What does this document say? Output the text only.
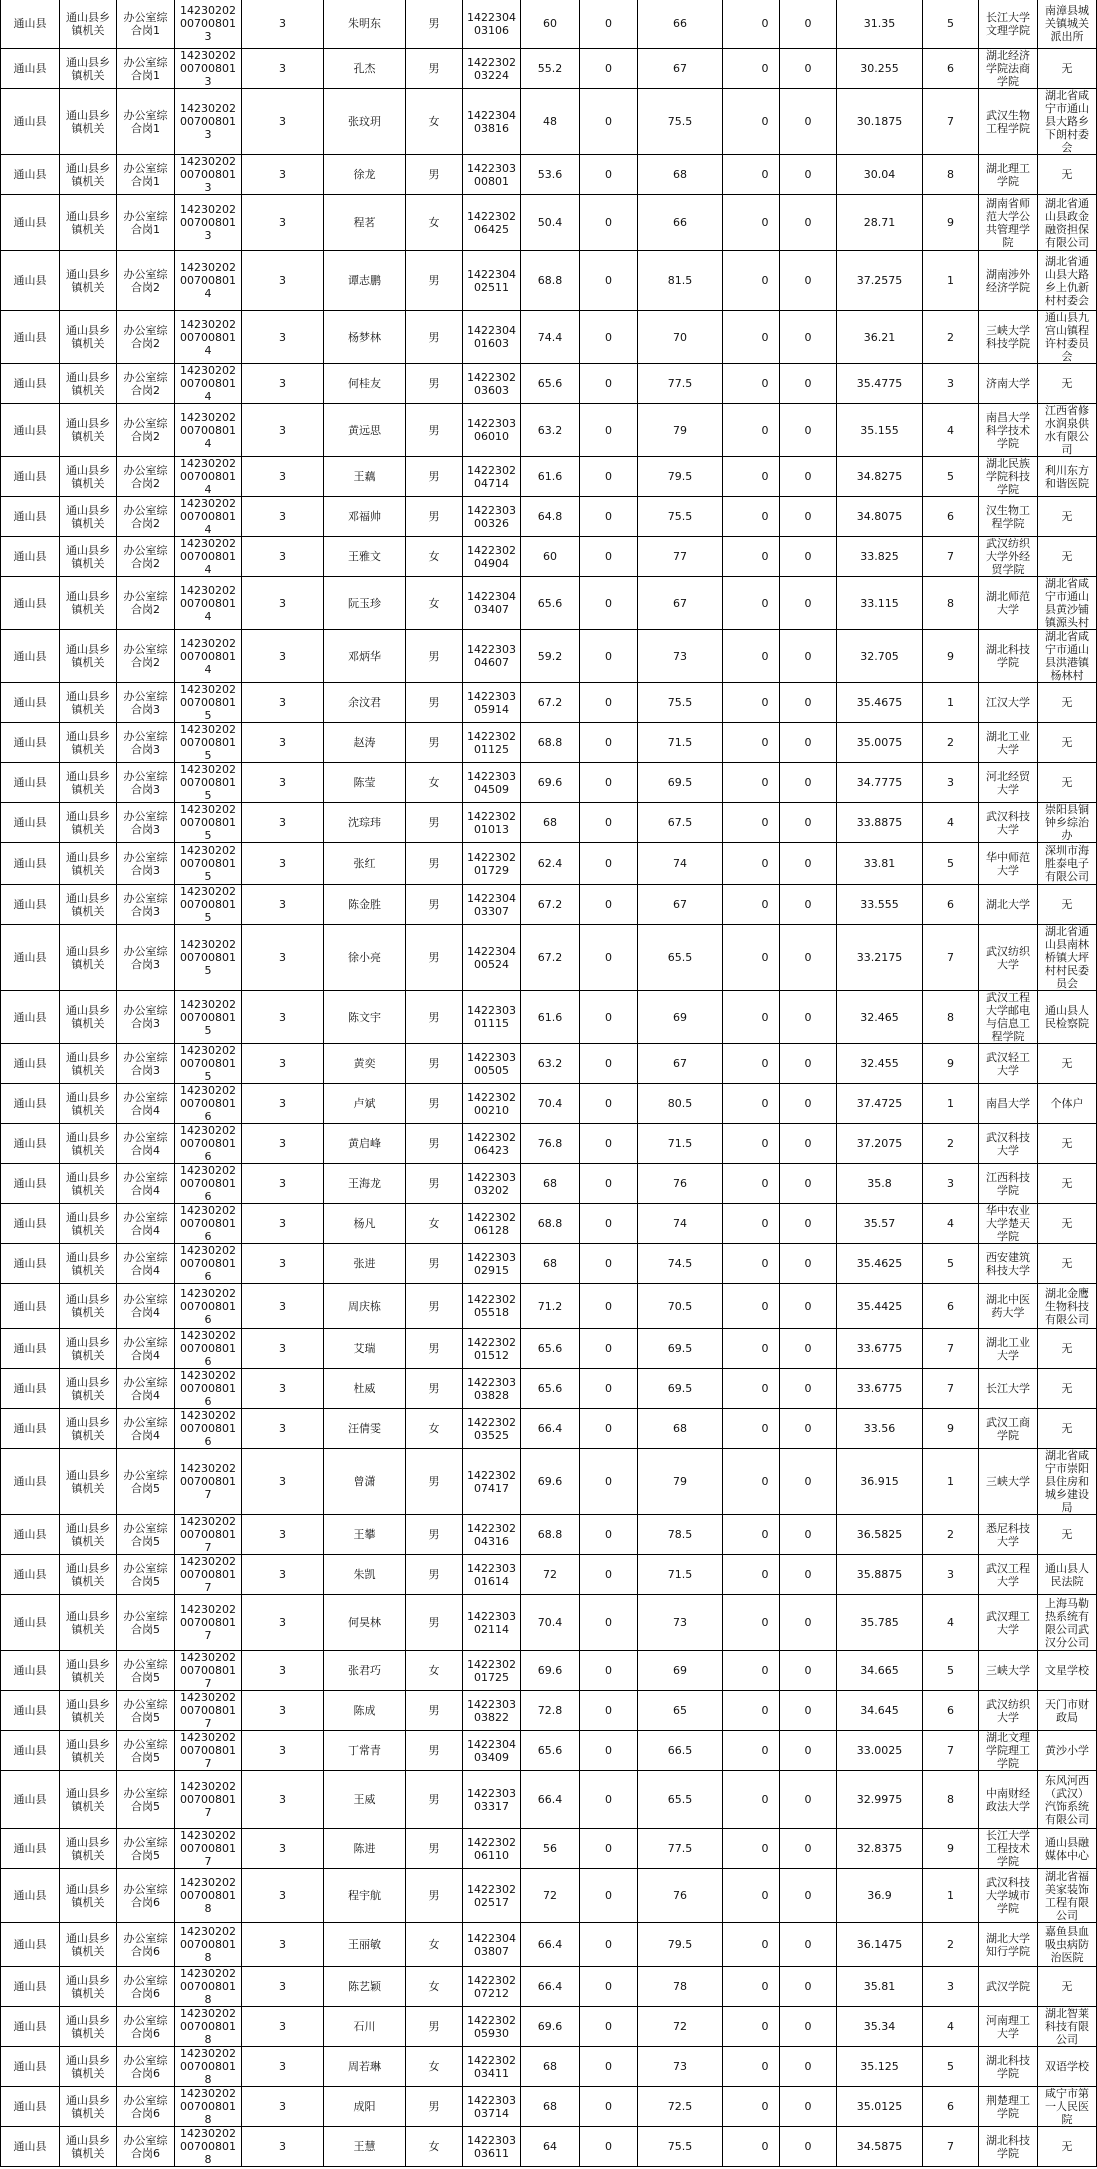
通山县	通山县乡镇机关	办公室综合岗1	14230202007008013	3	朱明东	男	142230403106	60	0	66	0	0	31.35	5	长江大学文理学院	南漳县城关镇城关派出所
通山县	通山县乡镇机关	办公室综合岗1	14230202007008013	3	孔杰	男	142230203224	55.2	0	67	0	0	30.255	6	湖北经济学院法商学院	无
通山县	通山县乡镇机关	办公室综合岗1	14230202007008013	3	张玟玥	女	142230403816	48	0	75.5	0	0	30.1875	7	武汉生物工程学院	湖北省咸宁市通山县大路乡下朗村委会
通山县	通山县乡镇机关	办公室综合岗1	14230202007008013	3	徐龙	男	142230300801	53.6	0	68	0	0	30.04	8	湖北理工学院	无
通山县	通山县乡镇机关	办公室综合岗1	14230202007008013	3	程茗	女	142230206425	50.4	0	66	0	0	28.71	9	湖南省师范大学公共管理学院	湖北省通山县政金融资担保有限公司
通山县	通山县乡镇机关	办公室综合岗2	14230202007008014	3	谭志鹏	男	142230402511	68.8	0	81.5	0	0	37.2575	1	湖南涉外经济学院	湖北省通山县大路乡上仇新村村委会
通山县	通山县乡镇机关	办公室综合岗2	14230202007008014	3	杨梦林	男	142230401603	74.4	0	70	0	0	36.21	2	三峡大学科技学院	通山县九宫山镇程许村委员会
通山县	通山县乡镇机关	办公室综合岗2	14230202007008014	3	何桂友	男	142230203603	65.6	0	77.5	0	0	35.4775	3	济南大学	无
通山县	通山县乡镇机关	办公室综合岗2	14230202007008014	3	黄远思	男	142230306010	63.2	0	79	0	0	35.155	4	南昌大学科学技术学院	江西省修水润泉供水有限公司
通山县	通山县乡镇机关	办公室综合岗2	14230202007008014	3	王藕	男	142230204714	61.6	0	79.5	0	0	34.8275	5	湖北民族学院科技学院	利川东方和谐医院
通山县	通山县乡镇机关	办公室综合岗2	14230202007008014	3	邓福帅	男	142230300326	64.8	0	75.5	0	0	34.8075	6	汉生物工程学院	无
通山县	通山县乡镇机关	办公室综合岗2	14230202007008014	3	王雅文	女	142230204904	60	0	77	0	0	33.825	7	武汉纺织大学外经贸学院	无
通山县	通山县乡镇机关	办公室综合岗2	14230202007008014	3	阮玉珍	女	142230403407	65.6	0	67	0	0	33.115	8	湖北师范大学	湖北省咸宁市通山县黄沙铺镇源头村
通山县	通山县乡镇机关	办公室综合岗2	14230202007008014	3	邓炳华	男	142230304607	59.2	0	73	0	0	32.705	9	湖北科技学院	湖北省咸宁市通山县洪港镇杨林村
通山县	通山县乡镇机关	办公室综合岗3	14230202007008015	3	余汶君	男	142230305914	67.2	0	75.5	0	0	35.4675	1	江汉大学	无
通山县	通山县乡镇机关	办公室综合岗3	14230202007008015	3	赵涛	男	142230201125	68.8	0	71.5	0	0	35.0075	2	湖北工业大学	无
通山县	通山县乡镇机关	办公室综合岗3	14230202007008015	3	陈莹	女	142230304509	69.6	0	69.5	0	0	34.7775	3	河北经贸大学	无
通山县	通山县乡镇机关	办公室综合岗3	14230202007008015	3	沈琮玮	男	142230201013	68	0	67.5	0	0	33.8875	4	武汉科技大学	崇阳县铜钟乡综治办
通山县	通山县乡镇机关	办公室综合岗3	14230202007008015	3	张红	男	142230201729	62.4	0	74	0	0	33.81	5	华中师范大学	深圳市海胜泰电子有限公司
通山县	通山县乡镇机关	办公室综合岗3	14230202007008015	3	陈金胜	男	142230403307	67.2	0	67	0	0	33.555	6	湖北大学	无
通山县	通山县乡镇机关	办公室综合岗3	14230202007008015	3	徐小亮	男	142230400524	67.2	0	65.5	0	0	33.2175	7	武汉纺织大学	湖北省通山县南林桥镇大坪村村民委员会
通山县	通山县乡镇机关	办公室综合岗3	14230202007008015	3	陈文宇	男	142230301115	61.6	0	69	0	0	32.465	8	武汉工程大学邮电与信息工程学院	通山县人民检察院
通山县	通山县乡镇机关	办公室综合岗3	14230202007008015	3	黄奕	男	142230300505	63.2	0	67	0	0	32.455	9	武汉轻工大学	无
通山县	通山县乡镇机关	办公室综合岗4	14230202007008016	3	卢斌	男	142230200210	70.4	0	80.5	0	0	37.4725	1	南昌大学	个体户
通山县	通山县乡镇机关	办公室综合岗4	14230202007008016	3	黄启峰	男	142230206423	76.8	0	71.5	0	0	37.2075	2	武汉科技大学	无
通山县	通山县乡镇机关	办公室综合岗4	14230202007008016	3	王海龙	男	142230303202	68	0	76	0	0	35.8	3	江西科技学院	无
通山县	通山县乡镇机关	办公室综合岗4	14230202007008016	3	杨凡	女	142230206128	68.8	0	74	0	0	35.57	4	华中农业大学楚天学院	无
通山县	通山县乡镇机关	办公室综合岗4	14230202007008016	3	张进	男	142230302915	68	0	74.5	0	0	35.4625	5	西安建筑科技大学	无
通山县	通山县乡镇机关	办公室综合岗4	14230202007008016	3	周庆栋	男	142230205518	71.2	0	70.5	0	0	35.4425	6	湖北中医药大学	湖北金鹰生物科技有限公司
通山县	通山县乡镇机关	办公室综合岗4	14230202007008016	3	艾瑞	男	142230201512	65.6	0	69.5	0	0	33.6775	7	湖北工业大学	无
通山县	通山县乡镇机关	办公室综合岗4	14230202007008016	3	杜威	男	142230303828	65.6	0	69.5	0	0	33.6775	7	长江大学	无
通山县	通山县乡镇机关	办公室综合岗4	14230202007008016	3	汪倩雯	女	142230203525	66.4	0	68	0	0	33.56	9	武汉工商学院	无
通山县	通山县乡镇机关	办公室综合岗5	14230202007008017	3	曾潇	男	142230207417	69.6	0	79	0	0	36.915	1	三峡大学	湖北省咸宁市崇阳县住房和城乡建设局
通山县	通山县乡镇机关	办公室综合岗5	14230202007008017	3	王攀	男	142230204316	68.8	0	78.5	0	0	36.5825	2	悉尼科技大学	无
通山县	通山县乡镇机关	办公室综合岗5	14230202007008017	3	朱凯	男	142230301614	72	0	71.5	0	0	35.8875	3	武汉工程大学	通山县人民法院
通山县	通山县乡镇机关	办公室综合岗5	14230202007008017	3	何昊林	男	142230302114	70.4	0	73	0	0	35.785	4	武汉理工大学	上海马勒热系统有限公司武汉分公司
通山县	通山县乡镇机关	办公室综合岗5	14230202007008017	3	张君巧	女	142230201725	69.6	0	69	0	0	34.665	5	三峡大学	文星学校
通山县	通山县乡镇机关	办公室综合岗5	14230202007008017	3	陈成	男	142230303822	72.8	0	65	0	0	34.645	6	武汉纺织大学	天门市财政局
通山县	通山县乡镇机关	办公室综合岗5	14230202007008017	3	丁常青	男	142230403409	65.6	0	66.5	0	0	33.0025	7	湖北文理学院理工学院	黄沙小学
通山县	通山县乡镇机关	办公室综合岗5	14230202007008017	3	王威	男	142230303317	66.4	0	65.5	0	0	32.9975	8	中南财经政法大学	东风河西（武汉）汽饰系统有限公司
通山县	通山县乡镇机关	办公室综合岗5	14230202007008017	3	陈进	男	142230206110	56	0	77.5	0	0	32.8375	9	长江大学工程技术学院	通山县融媒体中心
通山县	通山县乡镇机关	办公室综合岗6	14230202007008018	3	程宇航	男	142230202517	72	0	76	0	0	36.9	1	武汉科技大学城市学院	湖北省福美家装饰工程有限公司
通山县	通山县乡镇机关	办公室综合岗6	14230202007008018	3	王丽敏	女	142230403807	66.4	0	79.5	0	0	36.1475	2	湖北大学知行学院	嘉鱼县血吸虫病防治医院
通山县	通山县乡镇机关	办公室综合岗6	14230202007008018	3	陈艺颖	女	142230207212	66.4	0	78	0	0	35.81	3	武汉学院	无
通山县	通山县乡镇机关	办公室综合岗6	14230202007008018	3	石川	男	142230205930	69.6	0	72	0	0	35.34	4	河南理工大学	湖北智莱科技有限公司
通山县	通山县乡镇机关	办公室综合岗6	14230202007008018	3	周若琳	女	142230203411	68	0	73	0	0	35.125	5	湖北科技学院	双语学校
通山县	通山县乡镇机关	办公室综合岗6	14230202007008018	3	成阳	男	142230303714	68	0	72.5	0	0	35.0125	6	荆楚理工学院	咸宁市第一人民医院
通山县	通山县乡镇机关	办公室综合岗6	14230202007008018	3	王慧	女	142230303611	64	0	75.5	0	0	34.5875	7	湖北科技学院	无
